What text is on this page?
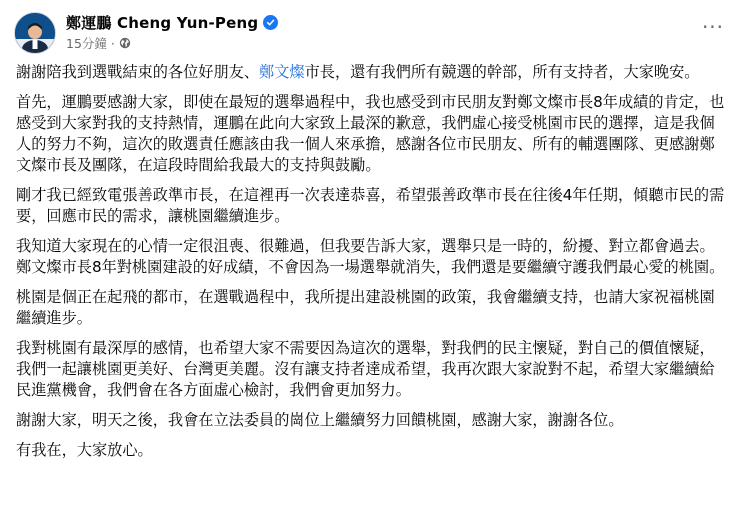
鄭運鵬 Cheng Yun-Peng
15分鐘 ·
···

謝謝陪我到選戰結束的各位好朋友、鄭文燦市長，還有我們所有競選的幹部，所有支持者，大家晚安。

首先，運鵬要感謝大家，即使在最短的選舉過程中，我也感受到市民朋友對鄭文燦市長8年成績的肯定，也感受到大家對我的支持熱情，運鵬在此向大家致上最深的歉意，我們虛心接受桃園市民的選擇，這是我個人的努力不夠，這次的敗選責任應該由我一個人來承擔，感謝各位市民朋友、所有的輔選團隊、更感謝鄭文燦市長及團隊，在這段時間給我最大的支持與鼓勵。

剛才我已經致電張善政準市長，在這裡再一次表達恭喜，希望張善政準市長在往後4年任期，傾聽市民的需要，回應市民的需求，讓桃園繼續進步。

我知道大家現在的心情一定很沮喪、很難過，但我要告訴大家，選舉只是一時的，紛擾、對立都會過去。鄭文燦市長8年對桃園建設的好成績，不會因為一場選舉就消失，我們還是要繼續守護我們最心愛的桃園。

桃園是個正在起飛的都市，在選戰過程中，我所提出建設桃園的政策，我會繼續支持，也請大家祝福桃園繼續進步。

我對桃園有最深厚的感情，也希望大家不需要因為這次的選舉，對我們的民主懷疑，對自己的價值懷疑，我們一起讓桃園更美好、台灣更美麗。沒有讓支持者達成希望，我再次跟大家說對不起，希望大家繼續給民進黨機會，我們會在各方面虛心檢討，我們會更加努力。

謝謝大家，明天之後，我會在立法委員的崗位上繼續努力回饋桃園，感謝大家，謝謝各位。

有我在，大家放心。
